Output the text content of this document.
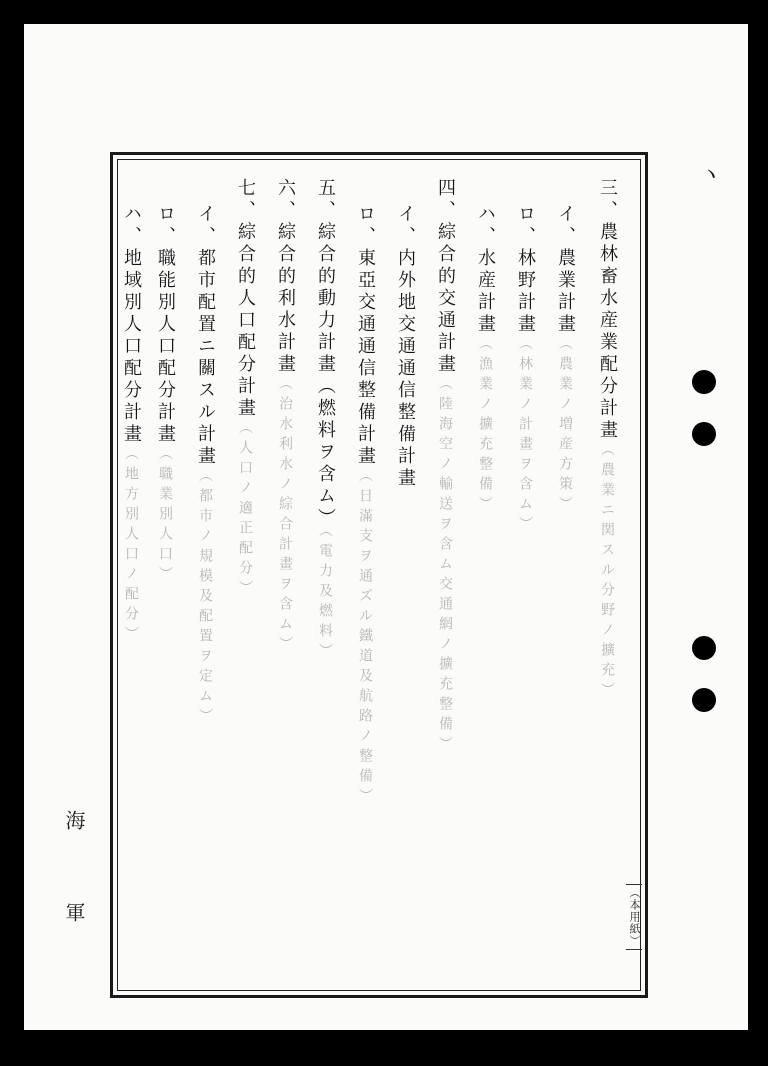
ヽ
三、農林畜水産業配分計畫（農業ニ関スル分野ノ擴充）
イ、農業計畫（農業ノ増産方策）
ロ、林野計畫（林業ノ計畫ヲ含ム）
ハ、水産計畫（漁業ノ擴充整備）
四、綜合的交通計畫（陸海空ノ輸送ヲ含ム交通網ノ擴充整備）
イ、内外地交通通信整備計畫
ロ、東亞交通通信整備計畫（日滿支ヲ通ズル鐵道及航路ノ整備）
五、綜合的動力計畫（燃料ヲ含ム）（電力及燃料）
六、綜合的利水計畫（治水利水ノ綜合計畫ヲ含ム）
七、綜合的人口配分計畫（人口ノ適正配分）
イ、都市配置ニ關スル計畫（都市ノ規模及配置ヲ定ム）
ロ、職能別人口配分計畫（職業別人口）
ハ、地域別人口配分計畫（地方別人口ノ配分）
海
軍	（本用紙）
